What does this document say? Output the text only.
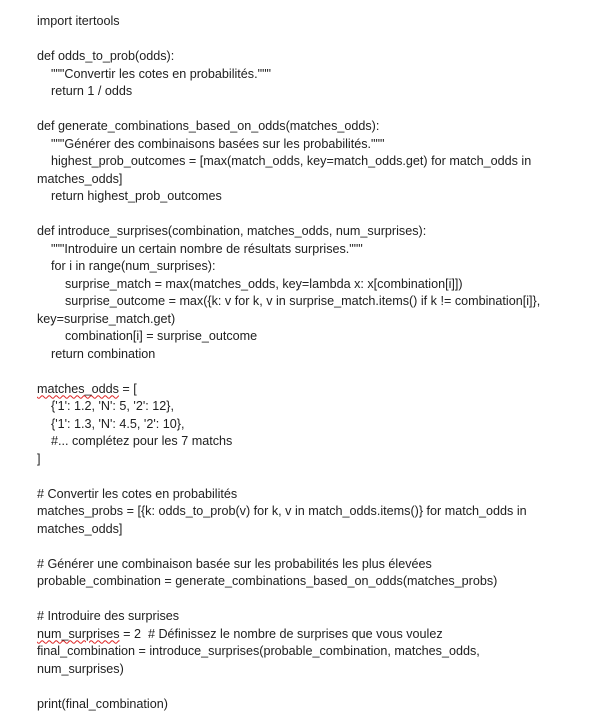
import itertools
def odds_to_prob(odds):
"""Convertir les cotes en probabilités."""
return 1 / odds
def generate_combinations_based_on_odds(matches_odds):
"""Générer des combinaisons basées sur les probabilités."""
highest_prob_outcomes = [max(match_odds, key=match_odds.get) for match_odds in
matches_odds]
return highest_prob_outcomes
def introduce_surprises(combination, matches_odds, num_surprises):
"""Introduire un certain nombre de résultats surprises."""
for i in range(num_surprises):
surprise_match = max(matches_odds, key=lambda x: x[combination[i]])
surprise_outcome = max({k: v for k, v in surprise_match.items() if k != combination[i]},
key=surprise_match.get)
combination[i] = surprise_outcome
return combination
matches_odds = [
{'1': 1.2, 'N': 5, '2': 12},
{'1': 1.3, 'N': 4.5, '2': 10},
#... complétez pour les 7 matchs
]
# Convertir les cotes en probabilités
matches_probs = [{k: odds_to_prob(v) for k, v in match_odds.items()} for match_odds in
matches_odds]
# Générer une combinaison basée sur les probabilités les plus élevées
probable_combination = generate_combinations_based_on_odds(matches_probs)
# Introduire des surprises
num_surprises = 2  # Définissez le nombre de surprises que vous voulez
final_combination = introduce_surprises(probable_combination, matches_odds,
num_surprises)
print(final_combination)
